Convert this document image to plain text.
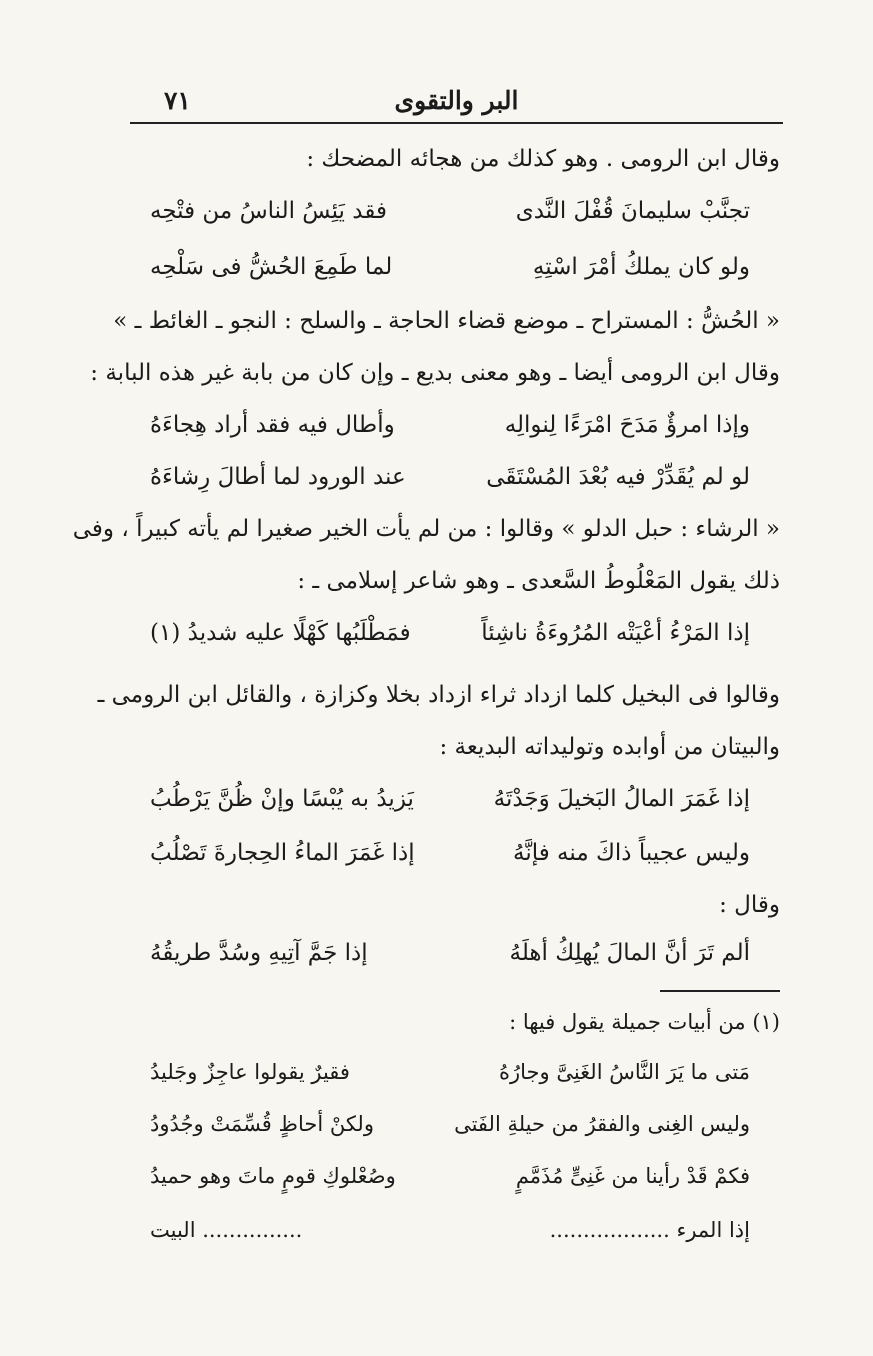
البر والتقوى
٧١
وقال ابن الرومى . وهو كذلك من هجائه المضحك :
تجنَّبْ سليمانَ قُفْلَ النَّدى
فقد يَئِسُ الناسُ من فتْحِه
ولو كان يملكُ أمْرَ اسْتِهِ
لما طَمِعَ الحُشُّ فى سَلْحِه
« الحُشُّ : المستراح ـ موضع قضاء الحاجة ـ والسلح : النجو ـ الغائط ـ »
وقال ابن الرومى أيضا ـ وهو معنى بديع ـ وإن كان من بابة غير هذه البابة :
وإذا امرؤٌ مَدَحَ امْرَءًا لِنوالِه
وأطال فيه فقد أراد هِجاءَهُ
لو لم يُقَدِّرْ فيه بُعْدَ المُسْتَقَى
عند الورود لما أطالَ رِشاءَهُ
« الرشاء : حبل الدلو » وقالوا : من لم يأت الخير صغيرا لم يأته كبيراً ، وفى
ذلك يقول المَعْلُوطُ السَّعدى ـ وهو شاعر إسلامى ـ :
إذا المَرْءُ أعْيَتْه المُرُوءَةُ ناشِئاً
فمَطْلَبُها كَهْلًا عليه شديدُ (١)
وقالوا فى البخيل كلما ازداد ثراء ازداد بخلا وكزازة ، والقائل ابن الرومى ـ
والبيتان من أوابده وتوليداته البديعة :
إذا غَمَرَ المالُ البَخيلَ وَجَدْتَهُ
يَزيدُ به يُبْسًا وإنْ ظُنَّ يَرْطُبُ
وليس عجيباً ذاكَ منه فإنَّهُ
إذا غَمَرَ الماءُ الحِجارةَ تَصْلُبُ
وقال :
ألم تَرَ أنَّ المالَ يُهلِكُ أهلَهُ
إذا جَمَّ آتِيهِ وسُدَّ طريقُهُ
(١) من أبيات جميلة يقول فيها :
مَتى ما يَرَ النَّاسُ الغَنِىَّ وجارُهُ
فقيرٌ يقولوا عاجِزٌ وجَليدُ
وليس الغِنى والفقرُ من حيلةِ الفَتى
ولكنْ أحاظٍ قُسِّمَتْ وجُدُودُ
فكمْ قَدْ رأينا من غَنِىٍّ مُذَمَّمٍ
وصُعْلوكِ قومٍ ماتَ وهو حميدُ
إذا المرء ..................
............... البيت
